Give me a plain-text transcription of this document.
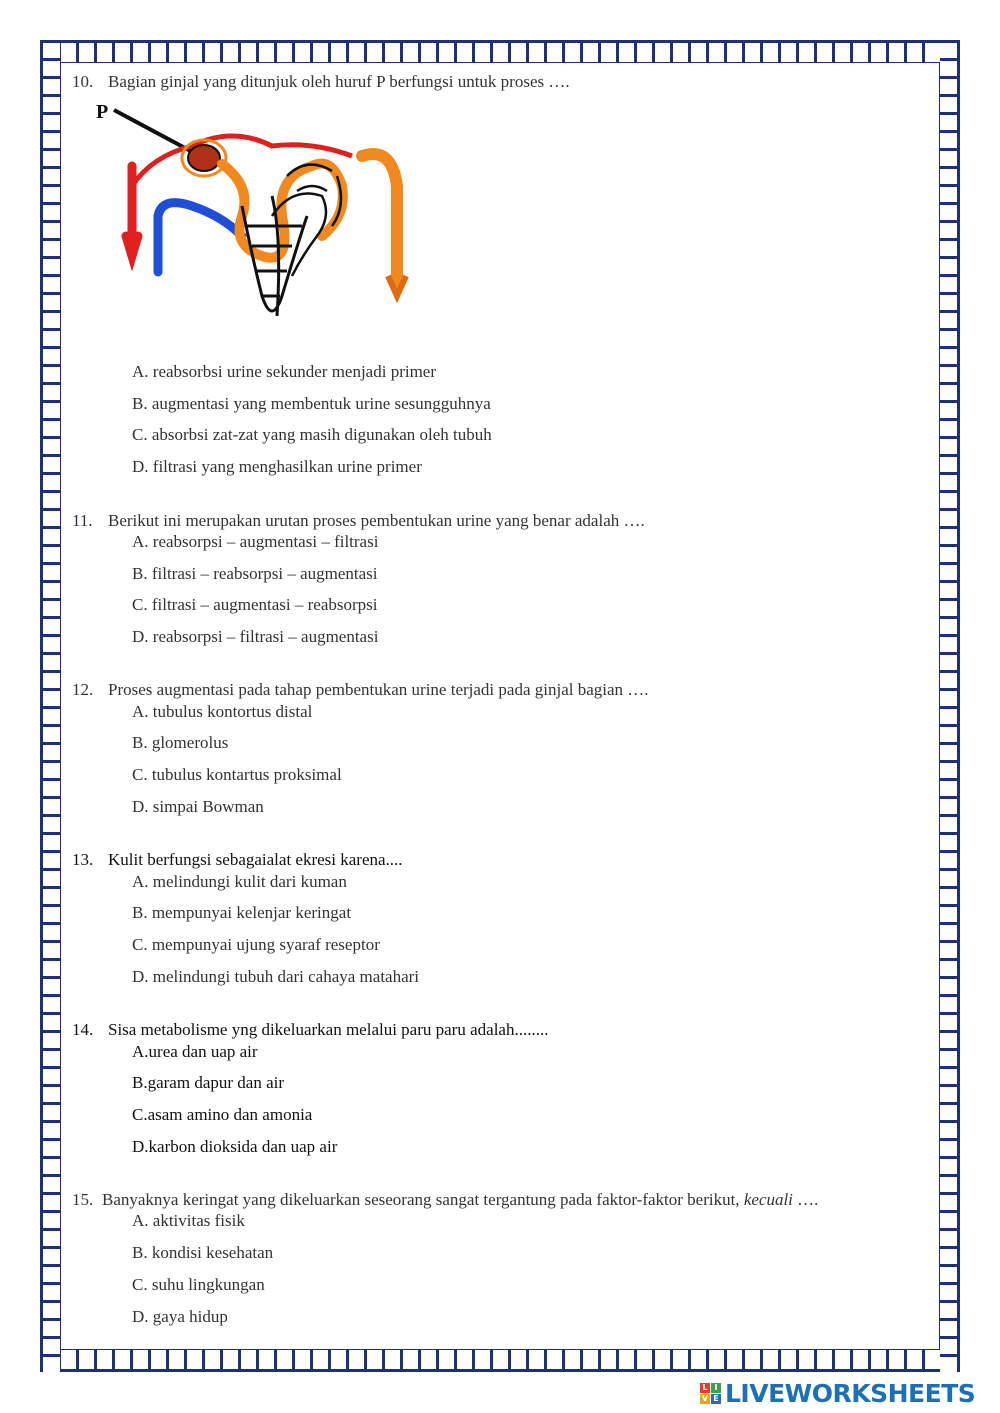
10. Bagian ginjal yang ditunjuk oleh huruf P berfungsi untuk proses ….
P
A. reabsorbsi urine sekunder menjadi primer
B. augmentasi yang membentuk urine sesungguhnya
C. absorbsi zat-zat yang masih digunakan oleh tubuh
D. filtrasi yang menghasilkan urine primer
11. Berikut ini merupakan urutan proses pembentukan urine yang benar adalah ….
A. reabsorpsi – augmentasi – filtrasi
B. filtrasi – reabsorpsi – augmentasi
C. filtrasi – augmentasi – reabsorpsi
D. reabsorpsi – filtrasi – augmentasi
12. Proses augmentasi pada tahap pembentukan urine terjadi pada ginjal bagian ….
A. tubulus kontortus distal
B. glomerolus
C. tubulus kontartus proksimal
D. simpai Bowman
13. Kulit berfungsi sebagaialat ekresi karena....
A. melindungi kulit dari kuman
B. mempunyai kelenjar keringat
C. mempunyai ujung syaraf reseptor
D. melindungi tubuh dari cahaya matahari
14. Sisa metabolisme yng dikeluarkan melalui paru paru adalah........
A.urea dan uap air
B.garam dapur dan air
C.asam amino dan amonia
D.karbon dioksida dan uap air
15. Banyaknya keringat yang dikeluarkan seseorang sangat tergantung pada faktor-faktor berikut, kecuali ….
A. aktivitas fisik
B. kondisi kesehatan
C. suhu lingkungan
D. gaya hidup
L I
V E LIVEWORKSHEETS
